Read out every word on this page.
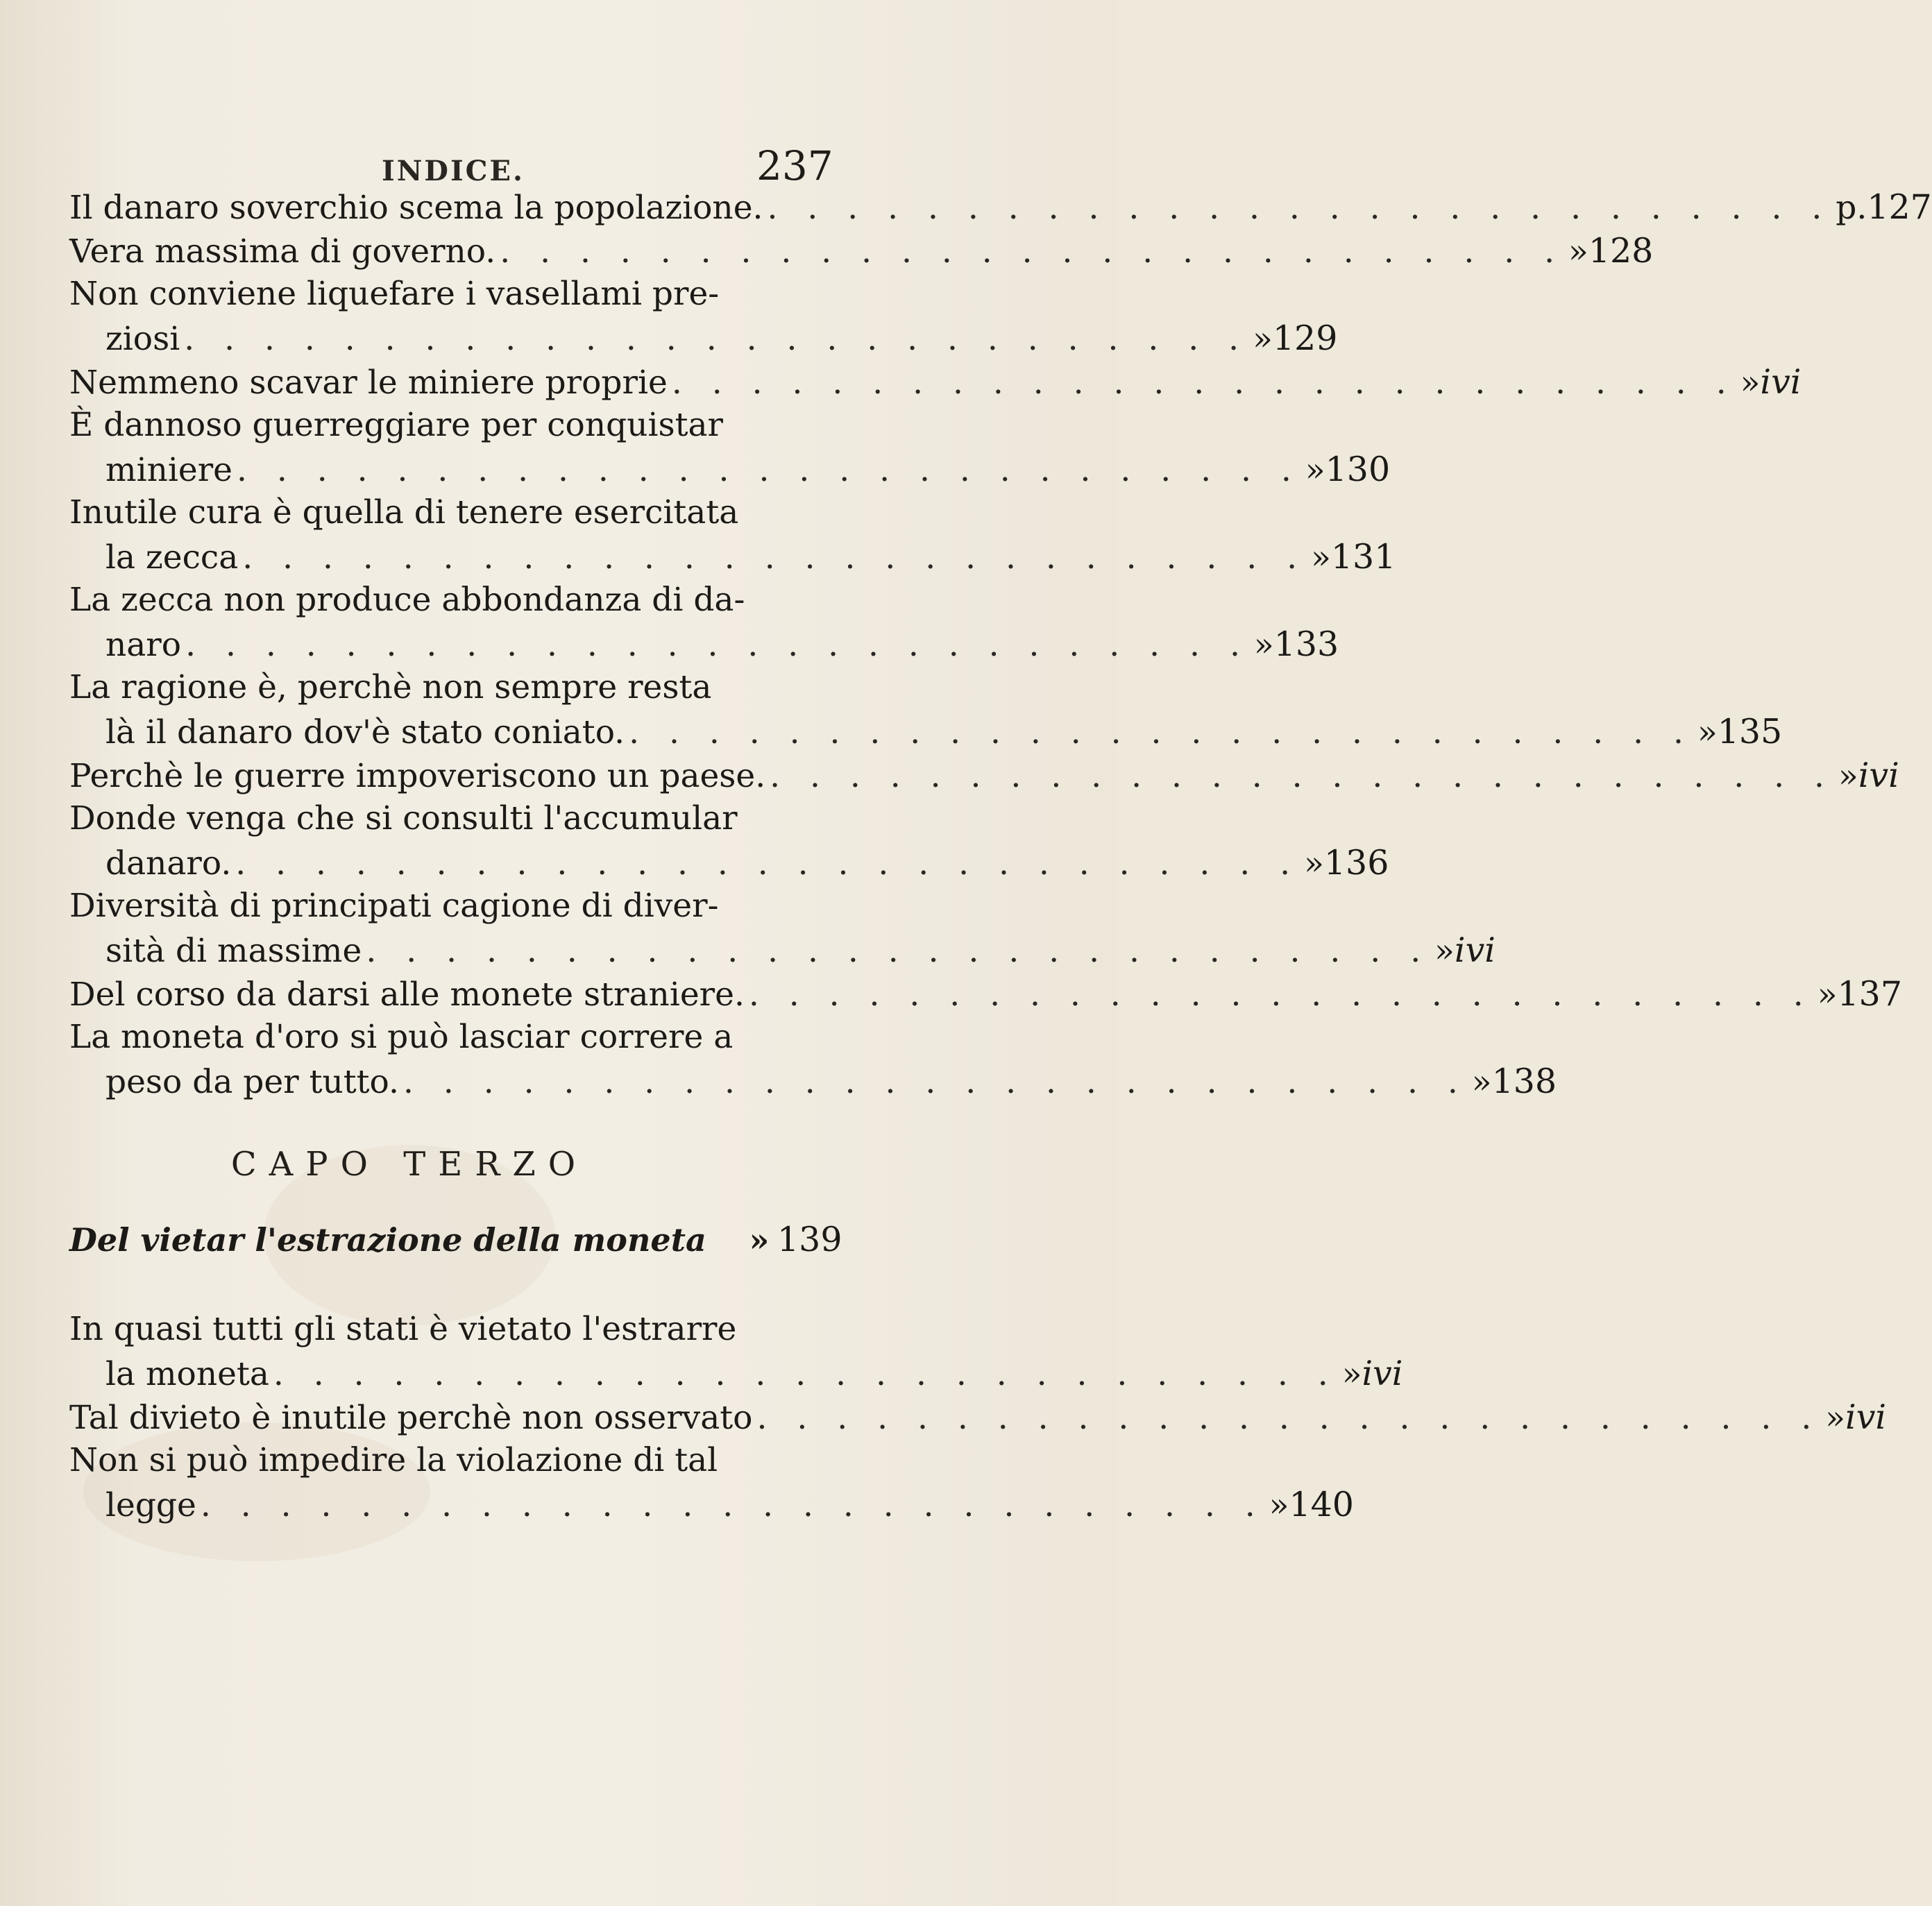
INDICE.	237
Il danaro soverchio scema la popolazione. . . . . . . . . . . . . . . . . . . . . . . . . . . . p. 127
Vera massima di governo. . . . . . . . . . . . . . . . . . . . . . . . . . . . » 128
Non conviene liquefare i vasellami pre-
ziosi . . . . . . . . . . . . . . . . . . . . . . . . . . . » 129
Nemmeno scavar le miniere proprie . . . . . . . . . . . . . . . . . . . . . . . . . . . » ivi
È dannoso guerreggiare per conquistar
miniere . . . . . . . . . . . . . . . . . . . . . . . . . . . » 130
Inutile cura è quella di tenere esercitata
la zecca . . . . . . . . . . . . . . . . . . . . . . . . . . . » 131
La zecca non produce abbondanza di da-
naro . . . . . . . . . . . . . . . . . . . . . . . . . . . » 133
La ragione è, perchè non sempre resta
là il danaro dov'è stato coniato. . . . . . . . . . . . . . . . . . . . . . . . . . . . » 135
Perchè le guerre impoveriscono un paese. . . . . . . . . . . . . . . . . . . . . . . . . . . . » ivi
Donde venga che si consulti l'accumular
danaro. . . . . . . . . . . . . . . . . . . . . . . . . . . . » 136
Diversità di principati cagione di diver-
sità di massime . . . . . . . . . . . . . . . . . . . . . . . . . . . » ivi
Del corso da darsi alle monete straniere. . . . . . . . . . . . . . . . . . . . . . . . . . . . » 137
La moneta d'oro si può lasciar correre a
peso da per tutto. . . . . . . . . . . . . . . . . . . . . . . . . . . . » 138
CAPO TERZO
Del vietar l'estrazione della moneta	» 139
In quasi tutti gli stati è vietato l'estrarre
la moneta . . . . . . . . . . . . . . . . . . . . . . . . . . . » ivi
Tal divieto è inutile perchè non osservato . . . . . . . . . . . . . . . . . . . . . . . . . . . » ivi
Non si può impedire la violazione di tal
legge . . . . . . . . . . . . . . . . . . . . . . . . . . . » 140
